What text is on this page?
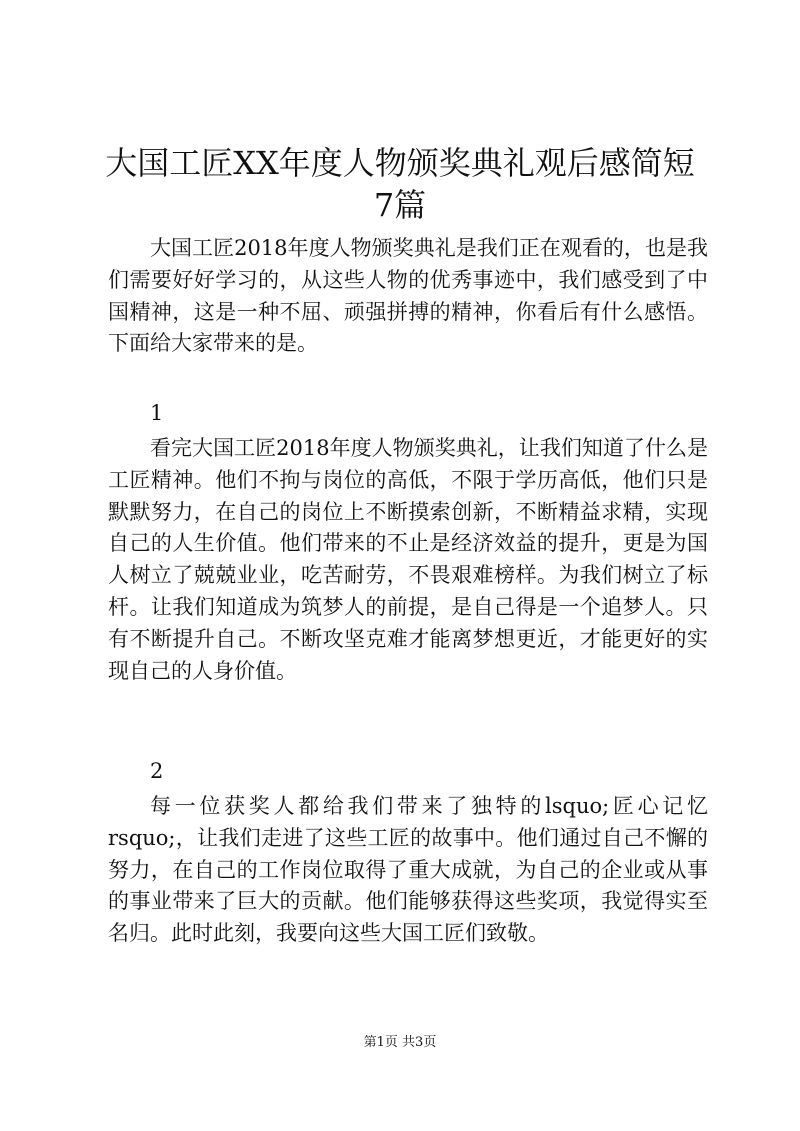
大国工匠XX年度人物颁奖典礼观后感简短7篇

大国工匠2018年度人物颁奖典礼是我们正在观看的，也是我们需要好好学习的，从这些人物的优秀事迹中，我们感受到了中国精神，这是一种不屈、顽强拼搏的精神，你看后有什么感悟。下面给大家带来的是。

1

看完大国工匠2018年度人物颁奖典礼，让我们知道了什么是工匠精神。他们不拘与岗位的高低，不限于学历高低，他们只是默默努力，在自己的岗位上不断摸索创新，不断精益求精，实现自己的人生价值。他们带来的不止是经济效益的提升，更是为国人树立了兢兢业业，吃苦耐劳，不畏艰难榜样。为我们树立了标杆。让我们知道成为筑梦人的前提，是自己得是一个追梦人。只有不断提升自己。不断攻坚克难才能离梦想更近，才能更好的实现自己的人身价值。

2

每一位获奖人都给我们带来了独特的lsquo;匠心记忆rsquo;，让我们走进了这些工匠的故事中。他们通过自己不懈的努力，在自己的工作岗位取得了重大成就，为自己的企业或从事的事业带来了巨大的贡献。他们能够获得这些奖项，我觉得实至名归。此时此刻，我要向这些大国工匠们致敬。

第1页 共3页
